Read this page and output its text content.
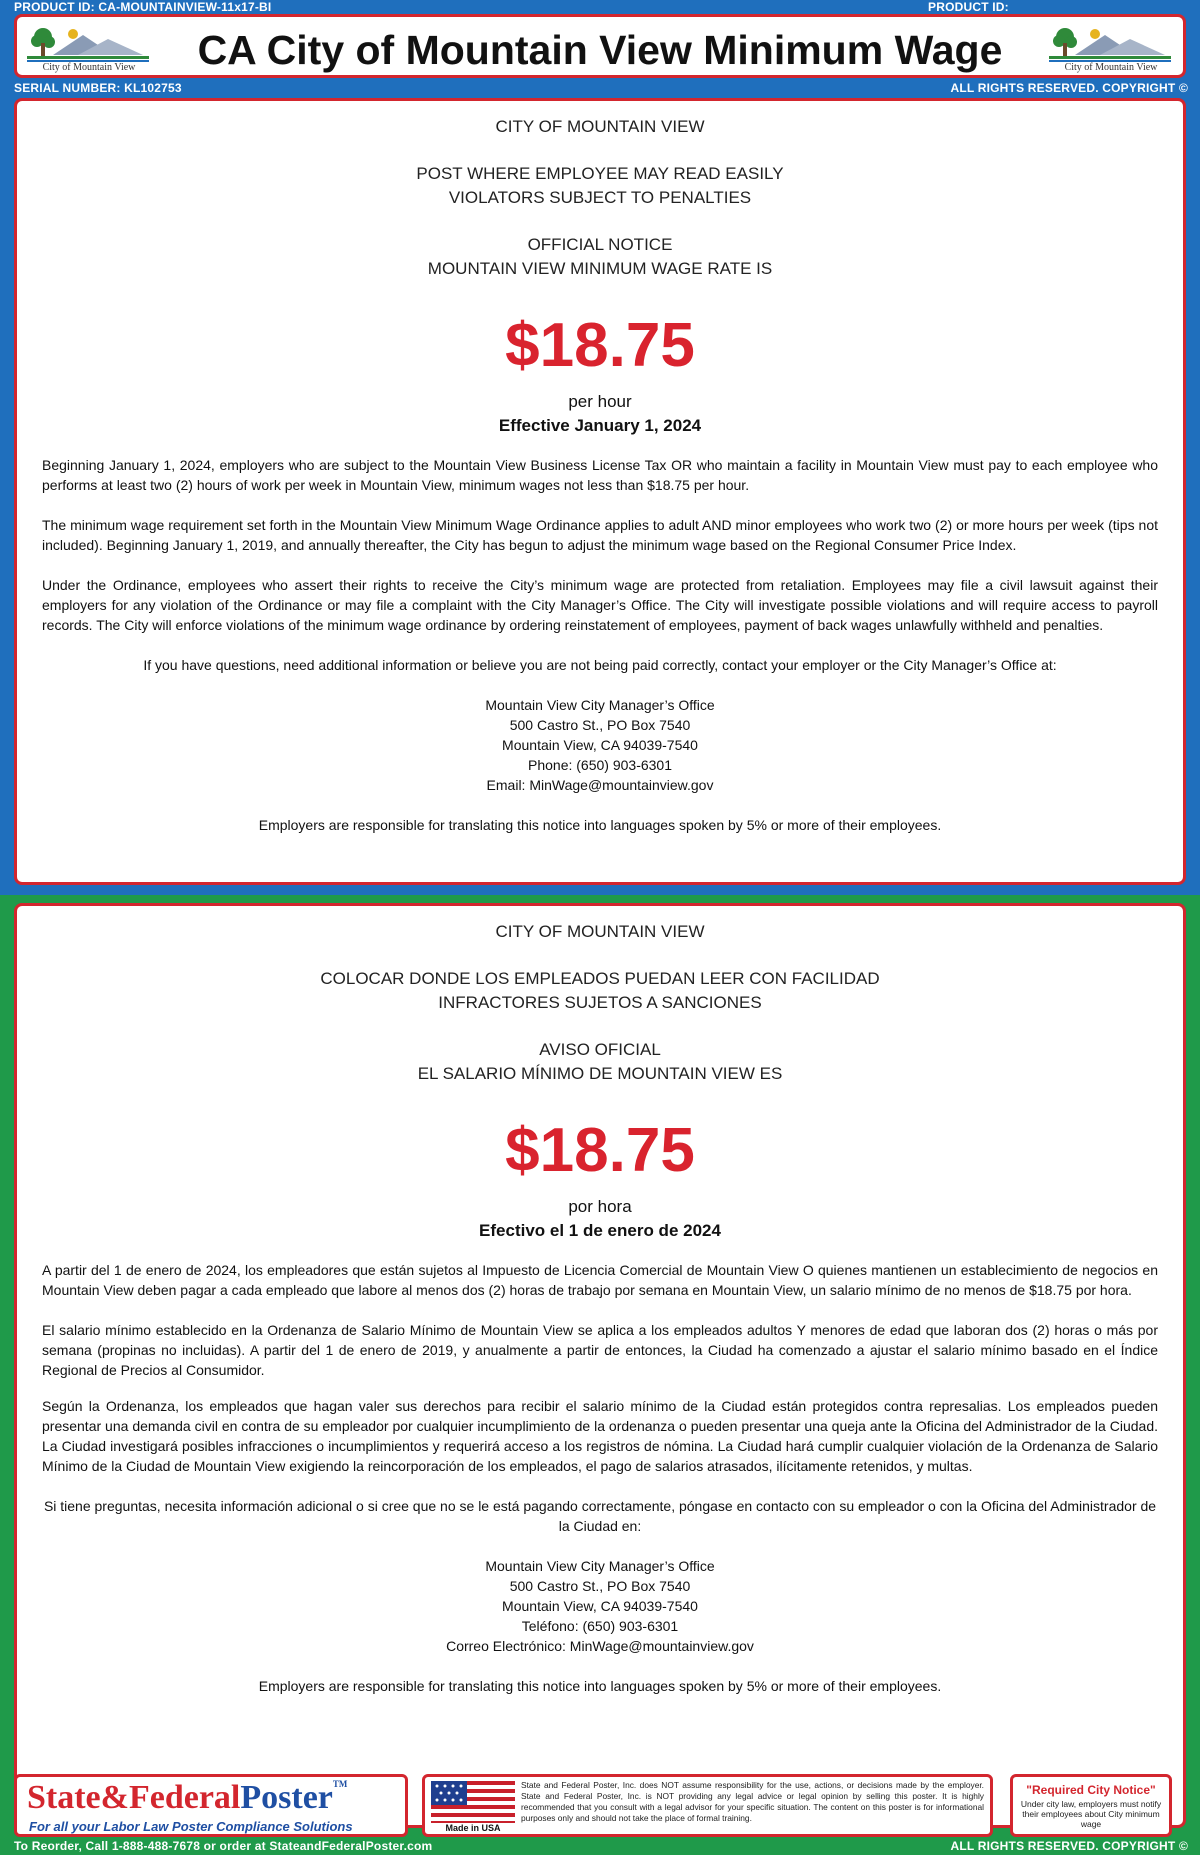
PRODUCT ID: CA-MOUNTAINVIEW-11x17-BI	PRODUCT ID:
City of Mountain View	CA City of Mountain View Minimum Wage	City of Mountain View
SERIAL NUMBER: KL102753	ALL RIGHTS RESERVED. COPYRIGHT ©
CITY OF MOUNTAIN VIEW
POST WHERE EMPLOYEE MAY READ EASILY
VIOLATORS SUBJECT TO PENALTIES
OFFICIAL NOTICE
MOUNTAIN VIEW MINIMUM WAGE RATE IS
$18.75
per hour
Effective January 1, 2024
Beginning January 1, 2024, employers who are subject to the Mountain View Business License Tax OR who maintain a facility in Mountain View must pay to each employee who performs at least two (2) hours of work per week in Mountain View, minimum wages not less than $18.75 per hour.
The minimum wage requirement set forth in the Mountain View Minimum Wage Ordinance applies to adult AND minor employees who work two (2) or more hours per week (tips not included). Beginning January 1, 2019, and annually thereafter, the City has begun to adjust the minimum wage based on the Regional Consumer Price Index.
Under the Ordinance, employees who assert their rights to receive the City’s minimum wage are protected from retaliation. Employees may file a civil lawsuit against their employers for any violation of the Ordinance or may file a complaint with the City Manager’s Office. The City will investigate possible violations and will require access to payroll records. The City will enforce violations of the minimum wage ordinance by ordering reinstatement of employees, payment of back wages unlawfully withheld and penalties.
If you have questions, need additional information or believe you are not being paid correctly, contact your employer or the City Manager’s Office at:
Mountain View City Manager’s Office
500 Castro St., PO Box 7540
Mountain View, CA 94039-7540
Phone: (650) 903-6301
Email: MinWage@mountainview.gov
Employers are responsible for translating this notice into languages spoken by 5% or more of their employees.
CITY OF MOUNTAIN VIEW
COLOCAR DONDE LOS EMPLEADOS PUEDAN LEER CON FACILIDAD
INFRACTORES SUJETOS A SANCIONES
AVISO OFICIAL
EL SALARIO MÍNIMO DE MOUNTAIN VIEW ES
$18.75
por hora
Efectivo el 1 de enero de 2024
A partir del 1 de enero de 2024, los empleadores que están sujetos al Impuesto de Licencia Comercial de Mountain View O quienes mantienen un establecimiento de negocios en Mountain View deben pagar a cada empleado que labore al menos dos (2) horas de trabajo por semana en Mountain View, un salario mínimo de no menos de $18.75 por hora.
El salario mínimo establecido en la Ordenanza de Salario Mínimo de Mountain View se aplica a los empleados adultos Y menores de edad que laboran dos (2) horas o más por semana (propinas no incluidas). A partir del 1 de enero de 2019, y anualmente a partir de entonces, la Ciudad ha comenzado a ajustar el salario mínimo basado en el Índice Regional de Precios al Consumidor.
Según la Ordenanza, los empleados que hagan valer sus derechos para recibir el salario mínimo de la Ciudad están protegidos contra represalias. Los empleados pueden presentar una demanda civil en contra de su empleador por cualquier incumplimiento de la ordenanza o pueden presentar una queja ante la Oficina del Administrador de la Ciudad. La Ciudad investigará posibles infracciones o incumplimientos y requerirá acceso a los registros de nómina. La Ciudad hará cumplir cualquier violación de la Ordenanza de Salario Mínimo de la Ciudad de Mountain View exigiendo la reincorporación de los empleados, el pago de salarios atrasados, ilícitamente retenidos, y multas.
Si tiene preguntas, necesita información adicional o si cree que no se le está pagando correctamente, póngase en contacto con su empleador o con la Oficina del Administrador de la Ciudad en:
Mountain View City Manager’s Office
500 Castro St., PO Box 7540
Mountain View, CA 94039-7540
Teléfono: (650) 903-6301
Correo Electrónico: MinWage@mountainview.gov
Employers are responsible for translating this notice into languages spoken by 5% or more of their employees.
State&FederalPoster™
For all your Labor Law Poster Compliance Solutions	Made in USA
State and Federal Poster, Inc. does NOT assume responsibility for the use, actions, or decisions made by the employer. State and Federal Poster, Inc. is NOT providing any legal advice or legal opinion by selling this poster. It is highly recommended that you consult with a legal advisor for your specific situation. The content on this poster is for informational purposes only and should not take the place of formal training.
"Required City Notice"
Under city law, employers must notify their employees about City minimum wage
To Reorder, Call 1-888-488-7678 or order at StateandFederalPoster.com	ALL RIGHTS RESERVED. COPYRIGHT ©
